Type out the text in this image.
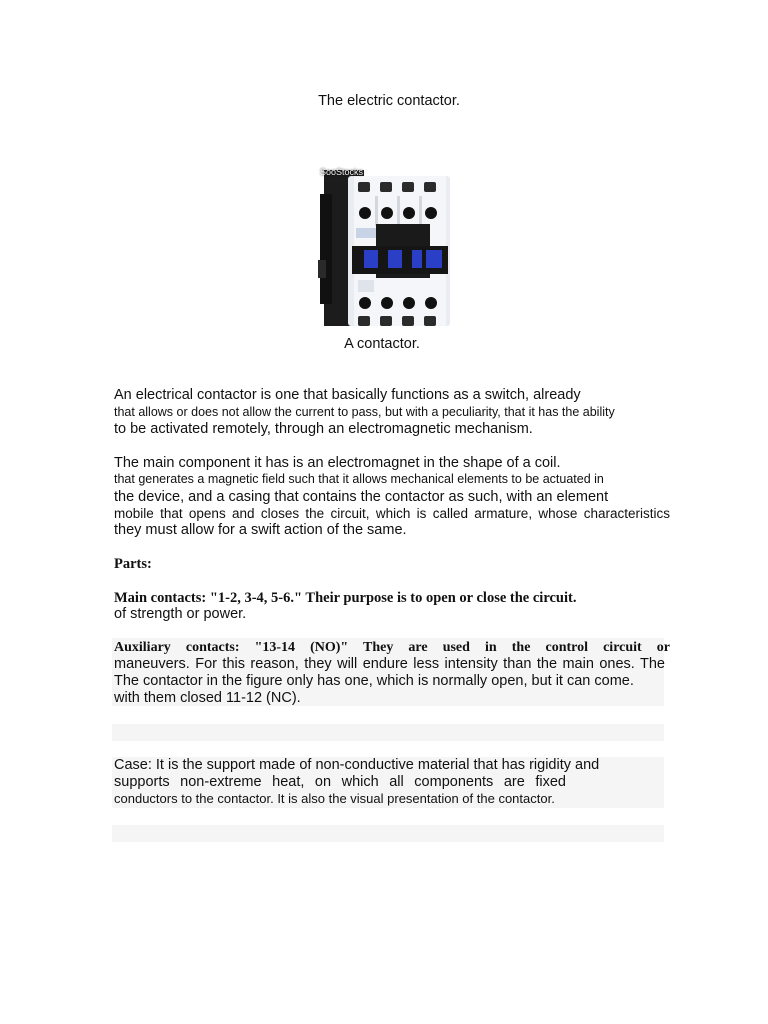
The electric contactor.
SooStocks
A contactor.
An electrical contactor is one that basically functions as a switch, already
that allows or does not allow the current to pass, but with a peculiarity, that it has the ability
to be activated remotely, through an electromagnetic mechanism.
The main component it has is an electromagnet in the shape of a coil.
that generates a magnetic field such that it allows mechanical elements to be actuated in
the device, and a casing that contains the contactor as such, with an element
mobile that opens and closes the circuit, which is called armature, whose characteristics
they must allow for a swift action of the same.
Parts:
Main contacts: "1-2, 3-4, 5-6." Their purpose is to open or close the circuit.
of strength or power.
Auxiliary contacts: "13-14 (NO)" They are used in the control circuit or
maneuvers. For this reason, they will endure less intensity than the main ones. The
The contactor in the figure only has one, which is normally open, but it can come.
with them closed 11-12 (NC).
Case: It is the support made of non-conductive material that has rigidity and
supports non-extreme heat, on which all components are fixed
conductors to the contactor. It is also the visual presentation of the contactor.
